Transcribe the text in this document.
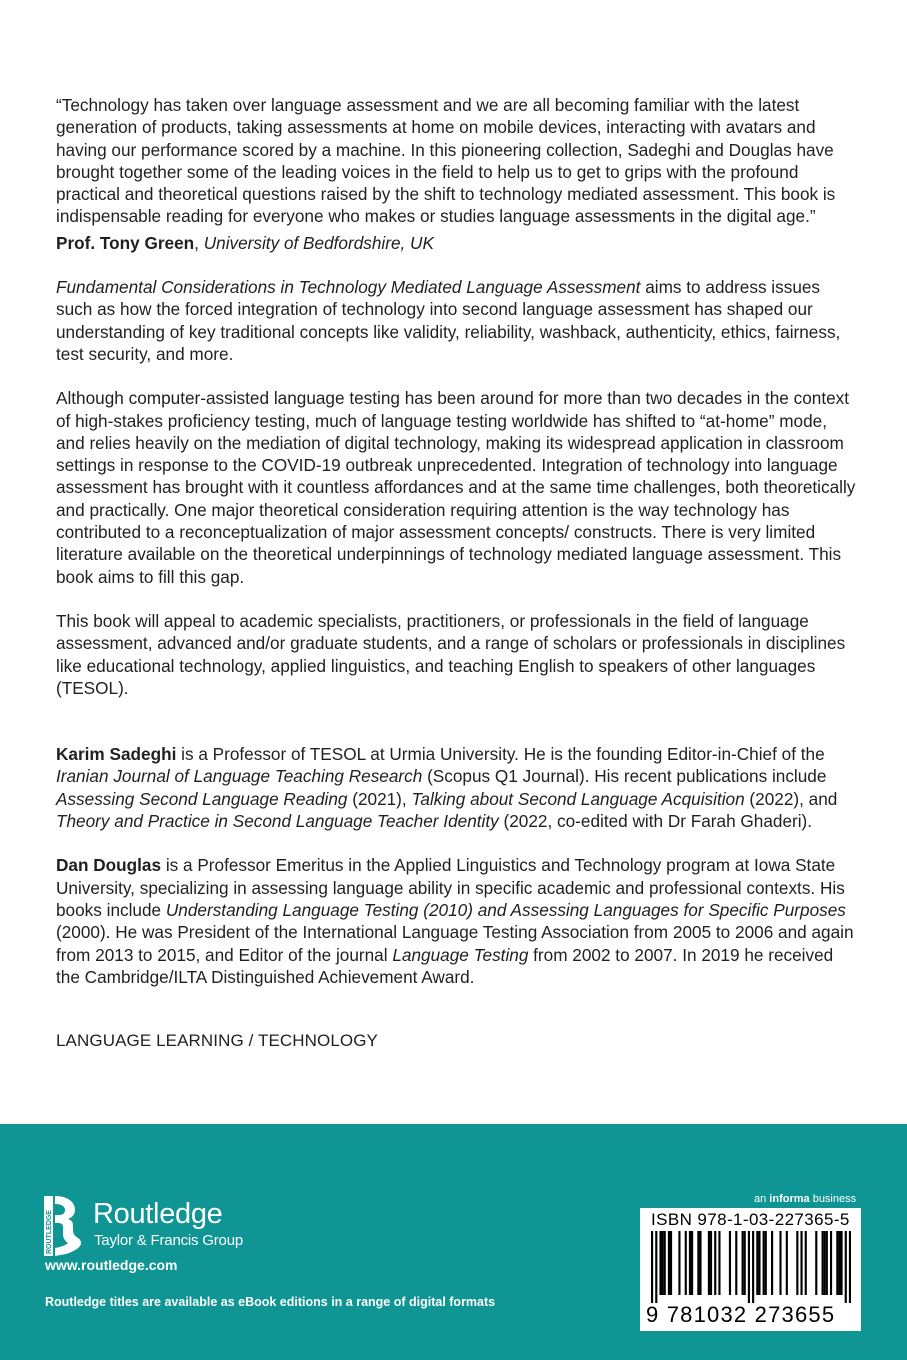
“Technology has taken over language assessment and we are all becoming familiar with the latest generation of products, taking assessments at home on mobile devices, interacting with avatars and having our performance scored by a machine. In this pioneering collection, Sadeghi and Douglas have brought together some of the leading voices in the field to help us to get to grips with the profound practical and theoretical questions raised by the shift to technology mediated assessment. This book is indispensable reading for everyone who makes or studies language assessments in the digital age.”

Prof. Tony Green, University of Bedfordshire, UK

Fundamental Considerations in Technology Mediated Language Assessment aims to address issues such as how the forced integration of technology into second language assessment has shaped our understanding of key traditional concepts like validity, reliability, washback, authenticity, ethics, fairness, test security, and more.

Although computer-assisted language testing has been around for more than two decades in the context of high-stakes proficiency testing, much of language testing worldwide has shifted to “at-home” mode, and relies heavily on the mediation of digital technology, making its widespread application in classroom settings in response to the COVID-19 outbreak unprecedented. Integration of technology into language assessment has brought with it countless affordances and at the same time challenges, both theoretically and practically. One major theoretical consideration requiring attention is the way technology has contributed to a reconceptualization of major assessment concepts/ constructs. There is very limited literature available on the theoretical underpinnings of technology mediated language assessment. This book aims to fill this gap.

This book will appeal to academic specialists, practitioners, or professionals in the field of language assessment, advanced and/or graduate students, and a range of scholars or professionals in disciplines like educational technology, applied linguistics, and teaching English to speakers of other languages (TESOL).

Karim Sadeghi is a Professor of TESOL at Urmia University. He is the founding Editor-in-Chief of the Iranian Journal of Language Teaching Research (Scopus Q1 Journal). His recent publications include Assessing Second Language Reading (2021), Talking about Second Language Acquisition (2022), and Theory and Practice in Second Language Teacher Identity (2022, co-edited with Dr Farah Ghaderi).

Dan Douglas is a Professor Emeritus in the Applied Linguistics and Technology program at Iowa State University, specializing in assessing language ability in specific academic and professional contexts. His books include Understanding Language Testing (2010) and Assessing Languages for Specific Purposes (2000). He was President of the International Language Testing Association from 2005 to 2006 and again from 2013 to 2015, and Editor of the journal Language Testing from 2002 to 2007. In 2019 he received the Cambridge/ILTA Distinguished Achievement Award.

LANGUAGE LEARNING / TECHNOLOGY
ROUTLEDGE Routledge
Taylor & Francis Group
www.routledge.com
Routledge titles are available as eBook editions in a range of digital formats
an informa business
ISBN 978-1-03-227365-5
9 781032 273655
